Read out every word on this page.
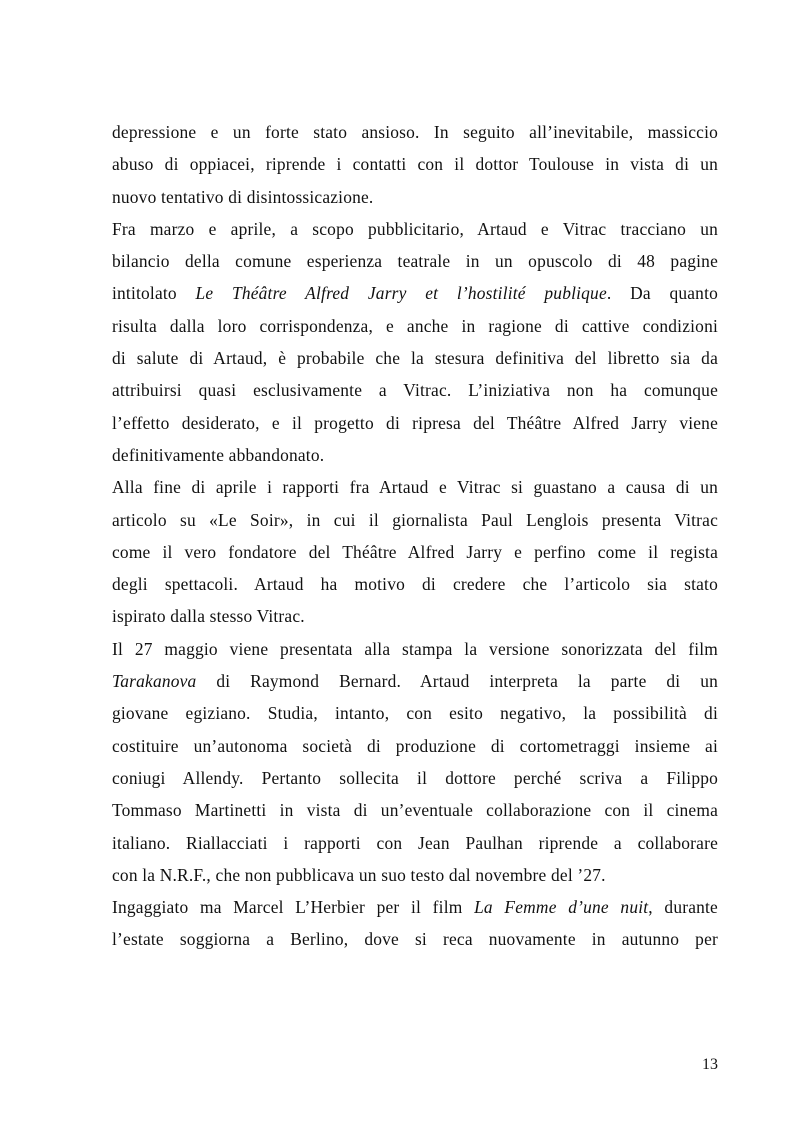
depressione e un forte stato ansioso. In seguito all’inevitabile, massiccio
abuso di oppiacei, riprende i contatti con il dottor Toulouse in vista di un
nuovo tentativo di disintossicazione.
Fra marzo e aprile, a scopo pubblicitario, Artaud e Vitrac tracciano un
bilancio della comune esperienza teatrale in un opuscolo di 48 pagine
intitolato Le Théâtre Alfred Jarry et l’hostilité publique. Da quanto
risulta dalla loro corrispondenza, e anche in ragione di cattive condizioni
di salute di Artaud, è probabile che la stesura definitiva del libretto sia da
attribuirsi quasi esclusivamente a Vitrac. L’iniziativa non ha comunque
l’effetto desiderato, e il progetto di ripresa del Théâtre Alfred Jarry viene
definitivamente abbandonato.
Alla fine di aprile i rapporti fra Artaud e Vitrac si guastano a causa di un
articolo su «Le Soir», in cui il giornalista Paul Lenglois presenta Vitrac
come il vero fondatore del Théâtre Alfred Jarry e perfino come il regista
degli spettacoli. Artaud ha motivo di credere che l’articolo sia stato
ispirato dalla stesso Vitrac.
Il 27 maggio viene presentata alla stampa la versione sonorizzata del film
Tarakanova di Raymond Bernard. Artaud interpreta la parte di un
giovane egiziano. Studia, intanto, con esito negativo, la possibilità di
costituire un’autonoma società di produzione di cortometraggi insieme ai
coniugi Allendy. Pertanto sollecita il dottore perché scriva a Filippo
Tommaso Martinetti in vista di un’eventuale collaborazione con il cinema
italiano. Riallacciati i rapporti con Jean Paulhan riprende a collaborare
con la N.R.F., che non pubblicava un suo testo dal novembre del ’27.
Ingaggiato ma Marcel L’Herbier per il film La Femme d’une nuit, durante
l’estate soggiorna a Berlino, dove si reca nuovamente in autunno per
13
